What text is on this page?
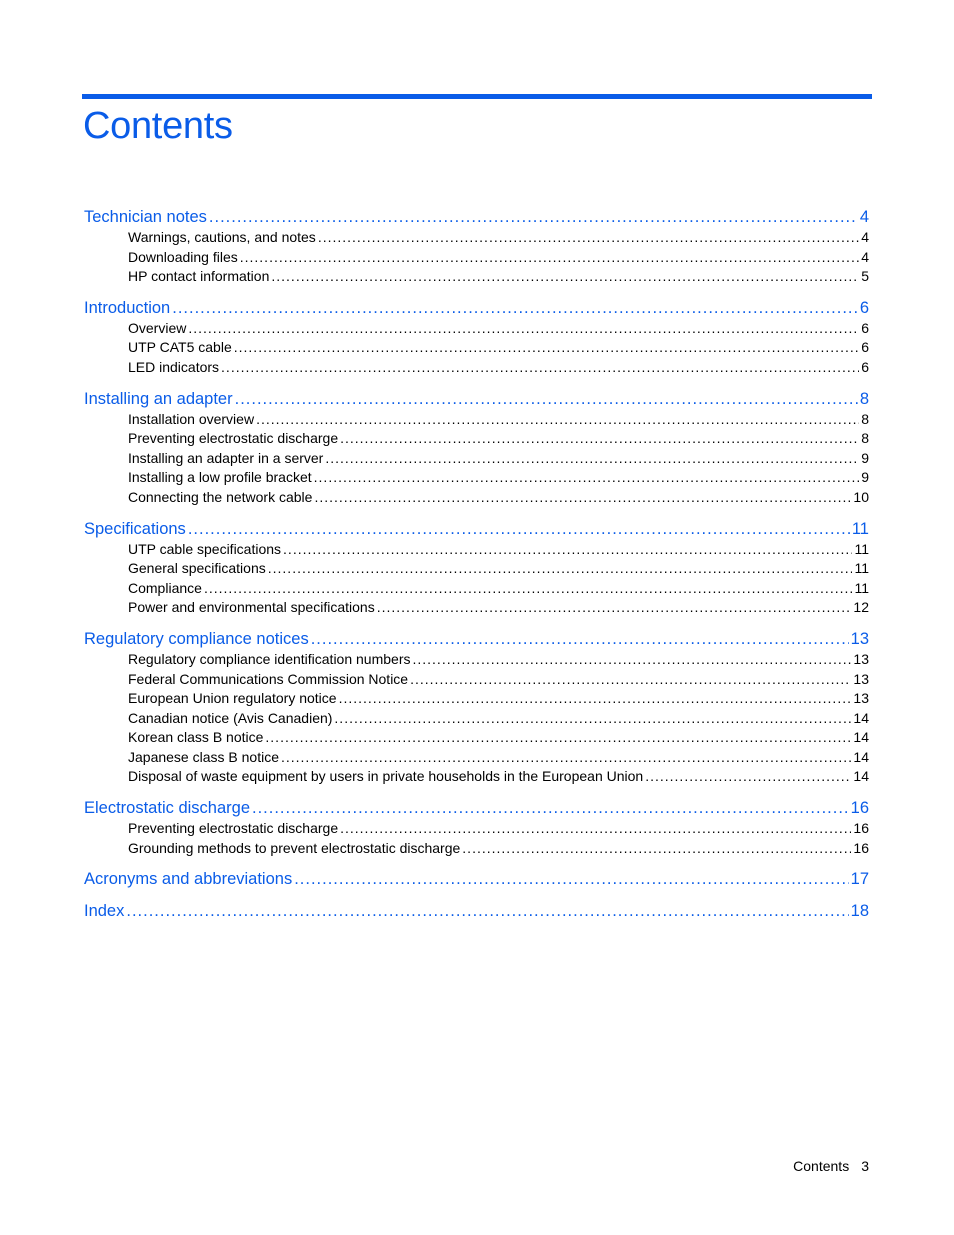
Contents
Technician notes .....	4
Warnings, cautions, and notes .....	4
Downloading files .....	4
HP contact information .....	5
Introduction .....	6
Overview .....	6
UTP CAT5 cable .....	6
LED indicators .....	6
Installing an adapter .....	8
Installation overview .....	8
Preventing electrostatic discharge .....	8
Installing an adapter in a server .....	9
Installing a low profile bracket .....	9
Connecting the network cable .....	10
Specifications .....	11
UTP cable specifications .....	11
General specifications .....	11
Compliance .....	11
Power and environmental specifications .....	12
Regulatory compliance notices .....	13
Regulatory compliance identification numbers .....	13
Federal Communications Commission Notice .....	13
European Union regulatory notice .....	13
Canadian notice (Avis Canadien) .....	14
Korean class B notice .....	14
Japanese class B notice .....	14
Disposal of waste equipment by users in private households in the European Union .....	14
Electrostatic discharge .....	16
Preventing electrostatic discharge .....	16
Grounding methods to prevent electrostatic discharge .....	16
Acronyms and abbreviations .....	17
Index .....	18
Contents 3
